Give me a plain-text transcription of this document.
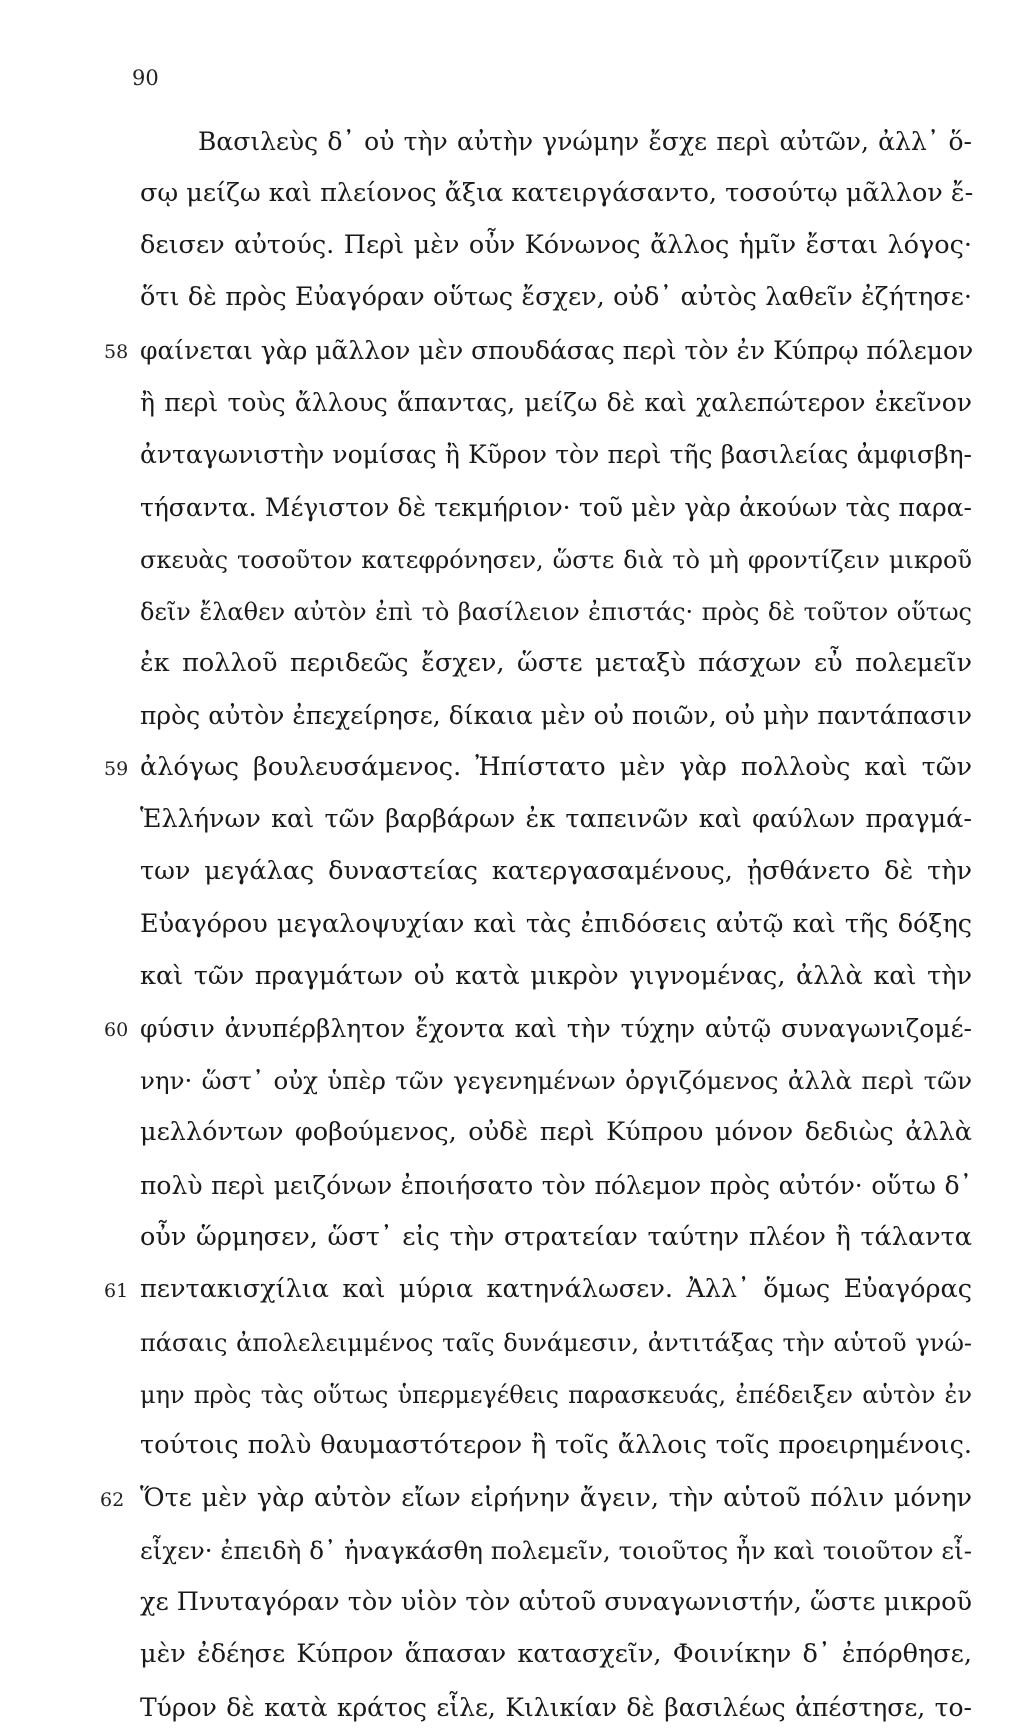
90
Βασιλεὺς δ᾽ οὐ τὴν αὐτὴν γνώμην ἔσχε περὶ αὐτῶν, ἀλλ᾽ ὅ-
σῳ μείζω καὶ πλείονος ἄξια κατειργάσαντο, τοσούτῳ μᾶλλον ἔ-
δεισεν αὐτούς. Περὶ μὲν οὖν Κόνωνος ἄλλος ἡμῖν ἔσται λόγος·
ὅτι δὲ πρὸς Εὐαγόραν οὕτως ἔσχεν, οὐδ᾽ αὐτὸς λαθεῖν ἐζήτησε·
58 φαίνεται γὰρ μᾶλλον μὲν σπουδάσας περὶ τὸν ἐν Κύπρῳ πόλεμον
ἢ περὶ τοὺς ἄλλους ἅπαντας, μείζω δὲ καὶ χαλεπώτερον ἐκεῖνον
ἀνταγωνιστὴν νομίσας ἢ Κῦρον τὸν περὶ τῆς βασιλείας ἀμφισβη-
τήσαντα. Μέγιστον δὲ τεκμήριον· τοῦ μὲν γὰρ ἀκούων τὰς παρα-
σκευὰς τοσοῦτον κατεφρόνησεν, ὥστε διὰ τὸ μὴ φροντίζειν μικροῦ
δεῖν ἔλαθεν αὐτὸν ἐπὶ τὸ βασίλειον ἐπιστάς· πρὸς δὲ τοῦτον οὕτως
ἐκ πολλοῦ περιδεῶς ἔσχεν, ὥστε μεταξὺ πάσχων εὖ πολεμεῖν
πρὸς αὐτὸν ἐπεχείρησε, δίκαια μὲν οὐ ποιῶν, οὐ μὴν παντάπασιν
59 ἀλόγως βουλευσάμενος. Ἠπίστατο μὲν γὰρ πολλοὺς καὶ τῶν
Ἑλλήνων καὶ τῶν βαρβάρων ἐκ ταπεινῶν καὶ φαύλων πραγμά-
των μεγάλας δυναστείας κατεργασαμένους, ᾐσθάνετο δὲ τὴν
Εὐαγόρου μεγαλοψυχίαν καὶ τὰς ἐπιδόσεις αὐτῷ καὶ τῆς δόξης
καὶ τῶν πραγμάτων οὐ κατὰ μικρὸν γιγνομένας, ἀλλὰ καὶ τὴν
60 φύσιν ἀνυπέρβλητον ἔχοντα καὶ τὴν τύχην αὐτῷ συναγωνιζομέ-
νην· ὥστ᾽ οὐχ ὑπὲρ τῶν γεγενημένων ὀργιζόμενος ἀλλὰ περὶ τῶν
μελλόντων φοβούμενος, οὐδὲ περὶ Κύπρου μόνον δεδιὼς ἀλλὰ
πολὺ περὶ μειζόνων ἐποιήσατο τὸν πόλεμον πρὸς αὐτόν· οὕτω δ᾽
οὖν ὥρμησεν, ὥστ᾽ εἰς τὴν στρατείαν ταύτην πλέον ἢ τάλαντα
61 πεντακισχίλια καὶ μύρια κατηνάλωσεν. Ἀλλ᾽ ὅμως Εὐαγόρας
πάσαις ἀπολελειμμένος ταῖς δυνάμεσιν, ἀντιτάξας τὴν αὑτοῦ γνώ-
μην πρὸς τὰς οὕτως ὑπερμεγέθεις παρασκευάς, ἐπέδειξεν αὑτὸν ἐν
τούτοις πολὺ θαυμαστότερον ἢ τοῖς ἄλλοις τοῖς προειρημένοις.
62 Ὅτε μὲν γὰρ αὐτὸν εἴων εἰρήνην ἄγειν, τὴν αὑτοῦ πόλιν μόνην
εἶχεν· ἐπειδὴ δ᾽ ἠναγκάσθη πολεμεῖν, τοιοῦτος ἦν καὶ τοιοῦτον εἶ-
χε Πνυταγόραν τὸν υἱὸν τὸν αὑτοῦ συναγωνιστήν, ὥστε μικροῦ
μὲν ἐδέησε Κύπρον ἅπασαν κατασχεῖν, Φοινίκην δ᾽ ἐπόρθησε,
Τύρον δὲ κατὰ κράτος εἷλε, Κιλικίαν δὲ βασιλέως ἀπέστησε, το-
